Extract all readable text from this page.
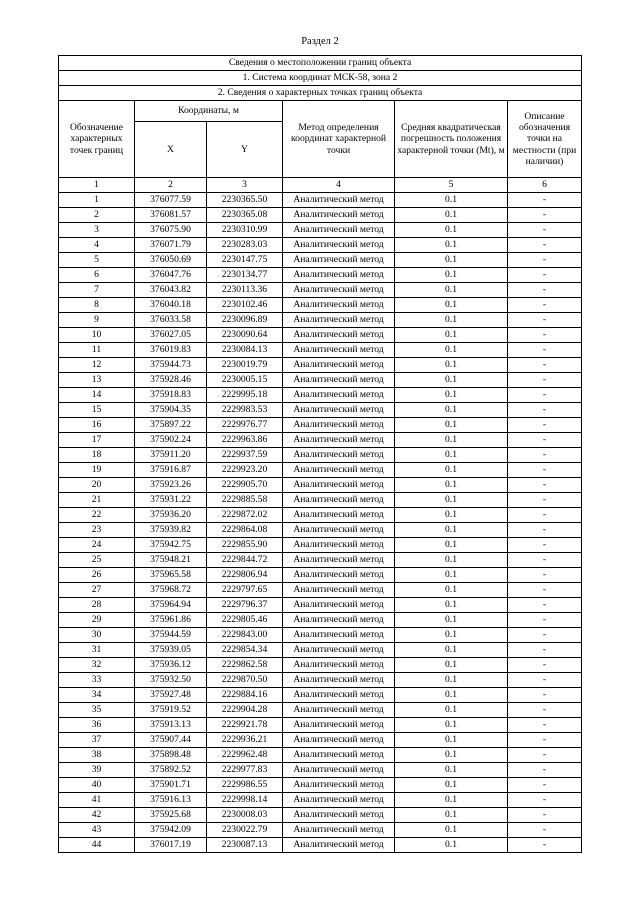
Раздел 2
Сведения о местоположении границ объекта					
1. Система координат МСК-58, зона 2					
2. Сведения о характерных точках границ объекта					
Обозначение характерных точек границ	Координаты, м		Метод определения координат характерной точки	Средняя квадратическая погрешность положения характерной точки (Mt), м	Описание обозначения точки на местности (при наличии)
	X	Y			
1	2	3	4	5	6
1	376077.59	2230365.50	Аналитический метод	0.1	-
2	376081.57	2230365.08	Аналитический метод	0.1	-
3	376075.90	2230310.99	Аналитический метод	0.1	-
4	376071.79	2230283.03	Аналитический метод	0.1	-
5	376050.69	2230147.75	Аналитический метод	0.1	-
6	376047.76	2230134.77	Аналитический метод	0.1	-
7	376043.82	2230113.36	Аналитический метод	0.1	-
8	376040.18	2230102.46	Аналитический метод	0.1	-
9	376033.58	2230096.89	Аналитический метод	0.1	-
10	376027.05	2230090.64	Аналитический метод	0.1	-
11	376019.83	2230084.13	Аналитический метод	0.1	-
12	375944.73	2230019.79	Аналитический метод	0.1	-
13	375928.46	2230005.15	Аналитический метод	0.1	-
14	375918.83	2229995.18	Аналитический метод	0.1	-
15	375904.35	2229983.53	Аналитический метод	0.1	-
16	375897.22	2229976.77	Аналитический метод	0.1	-
17	375902.24	2229963.86	Аналитический метод	0.1	-
18	375911.20	2229937.59	Аналитический метод	0.1	-
19	375916.87	2229923.20	Аналитический метод	0.1	-
20	375923.26	2229905.70	Аналитический метод	0.1	-
21	375931.22	2229885.58	Аналитический метод	0.1	-
22	375936.20	2229872.02	Аналитический метод	0.1	-
23	375939.82	2229864.08	Аналитический метод	0.1	-
24	375942.75	2229855.90	Аналитический метод	0.1	-
25	375948.21	2229844.72	Аналитический метод	0.1	-
26	375965.58	2229806.94	Аналитический метод	0.1	-
27	375968.72	2229797.65	Аналитический метод	0.1	-
28	375964.94	2229796.37	Аналитический метод	0.1	-
29	375961.86	2229805.46	Аналитический метод	0.1	-
30	375944.59	2229843.00	Аналитический метод	0.1	-
31	375939.05	2229854.34	Аналитический метод	0.1	-
32	375936.12	2229862.58	Аналитический метод	0.1	-
33	375932.50	2229870.50	Аналитический метод	0.1	-
34	375927.48	2229884.16	Аналитический метод	0.1	-
35	375919.52	2229904.28	Аналитический метод	0.1	-
36	375913.13	2229921.78	Аналитический метод	0.1	-
37	375907.44	2229936.21	Аналитический метод	0.1	-
38	375898.48	2229962.48	Аналитический метод	0.1	-
39	375892.52	2229977.83	Аналитический метод	0.1	-
40	375901.71	2229986.55	Аналитический метод	0.1	-
41	375916.13	2229998.14	Аналитический метод	0.1	-
42	375925.68	2230008.03	Аналитический метод	0.1	-
43	375942.09	2230022.79	Аналитический метод	0.1	-
44	376017.19	2230087.13	Аналитический метод	0.1	-
